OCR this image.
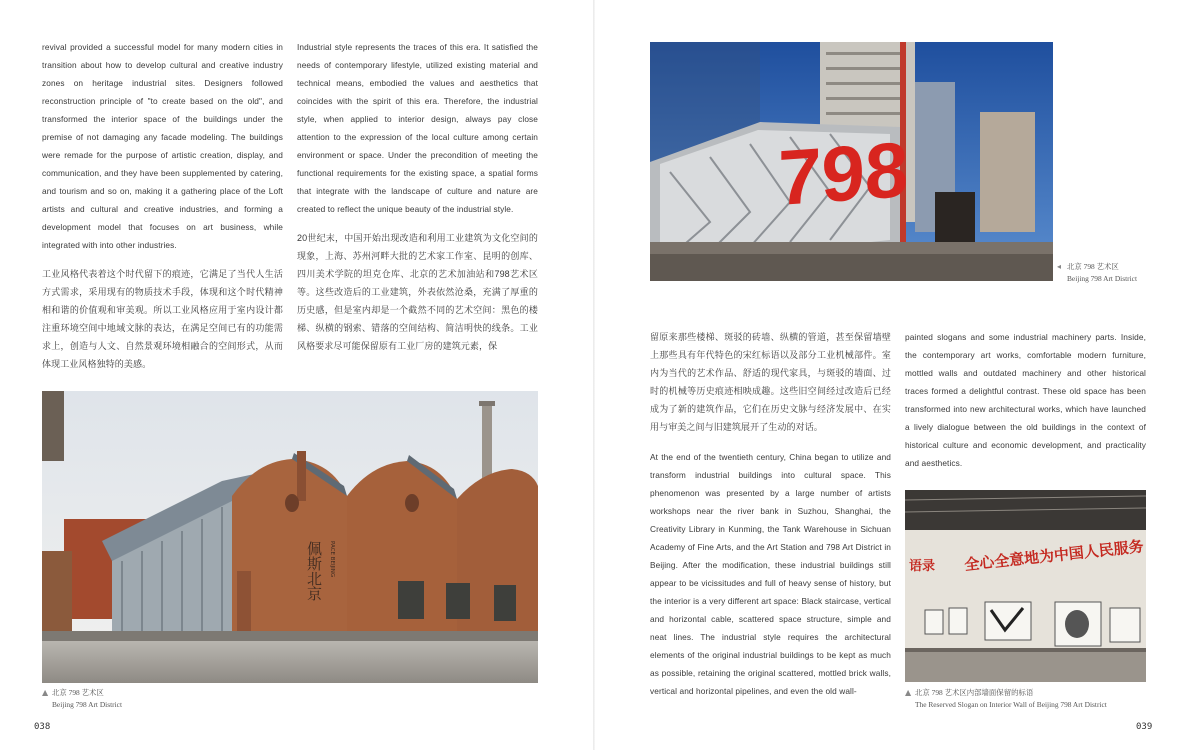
revival provided a successful model for many modern cities in transition about how to develop cultural and creative industry zones on heritage industrial sites. Designers followed reconstruction principle of "to create based on the old", and transformed the interior space of the buildings under the premise of not damaging any facade modeling. The buildings were remade for the purpose of artistic creation, display, and communication, and they have been supplemented by catering, and tourism and so on, making it a gathering place of the Loft artists and cultural and creative industries, and forming a development model that focuses on art business, while integrated with into other industries.

工业风格代表着这个时代留下的痕迹，它满足了当代人生活方式需求，采用现有的物质技术手段，体现和这个时代精神相和谐的价值观和审美观。所以工业风格应用于室内设计都注重环境空间中地域文脉的表达，在满足空间已有的功能需求上，创造与人文、自然景观环境相融合的空间形式，从而体现工业风格独特的美感。

Industrial style represents the traces of this era. It satisfied the needs of contemporary lifestyle, utilized existing material and technical means, embodied the values and aesthetics that coincides with the spirit of this era. Therefore, the industrial style, when applied to interior design, always pay close attention to the expression of the local culture among certain environment or space. Under the precondition of meeting the functional requirements for the existing space, a spatial forms that integrate with the landscape of culture and nature are created to reflect the unique beauty of the industrial style.

20世纪末，中国开始出现改造和利用工业建筑为文化空间的现象，上海、苏州河畔大批的艺术家工作室、昆明的创库、四川美术学院的坦克仓库、北京的艺术加油站和798艺术区等。这些改造后的工业建筑，外表依然沧桑，充满了厚重的历史感，但是室内却是一个截然不同的艺术空间：黑色的楼梯、纵横的钢索、错落的空间结构、简洁明快的线条。工业风格要求尽可能保留原有工业厂房的建筑元素，保

佩斯北京 PACE BEIJING
▲ 北京 798 艺术区
Beijing 798 Art District
038
798
◂ 北京 798 艺术区
Beijing 798 Art District

留原来那些楼梯、斑驳的砖墙、纵横的管道，甚至保留墙壁上那些具有年代特色的宋红标语以及部分工业机械部件。室内为当代的艺术作品、舒适的现代家具，与斑驳的墙面、过时的机械等历史痕迹相映成趣。这些旧空间经过改造后已经成为了新的建筑作品，它们在历史文脉与经济发展中、在实用与审美之间与旧建筑展开了生动的对话。

At the end of the twentieth century, China began to utilize and transform industrial buildings into cultural space. This phenomenon was presented by a large number of artists workshops near the river bank in Suzhou, Shanghai, the Creativity Library in Kunming, the Tank Warehouse in Sichuan Academy of Fine Arts, and the Art Station and 798 Art District in Beijing. After the modification, these industrial buildings still appear to be vicissitudes and full of heavy sense of history, but the interior is a very different art space: Black staircase, vertical and horizontal cable, scattered space structure, simple and neat lines. The industrial style requires the architectural elements of the original industrial buildings to be kept as much as possible, retaining the original scattered, mottled brick walls, vertical and horizontal pipelines, and even the old wall-

painted slogans and some industrial machinery parts. Inside, the contemporary art works, comfortable modern furniture, mottled walls and outdated machinery and other historical traces formed a delightful contrast. These old space has been transformed into new architectural works, which have launched a lively dialogue between the old buildings in the context of historical culture and economic development, and practicality and aesthetics.

语录 全心全意地为中国人民服务
▲ 北京 798 艺术区内部墙面保留的标语
The Reserved Slogan on Interior Wall of Beijing 798 Art District
039
